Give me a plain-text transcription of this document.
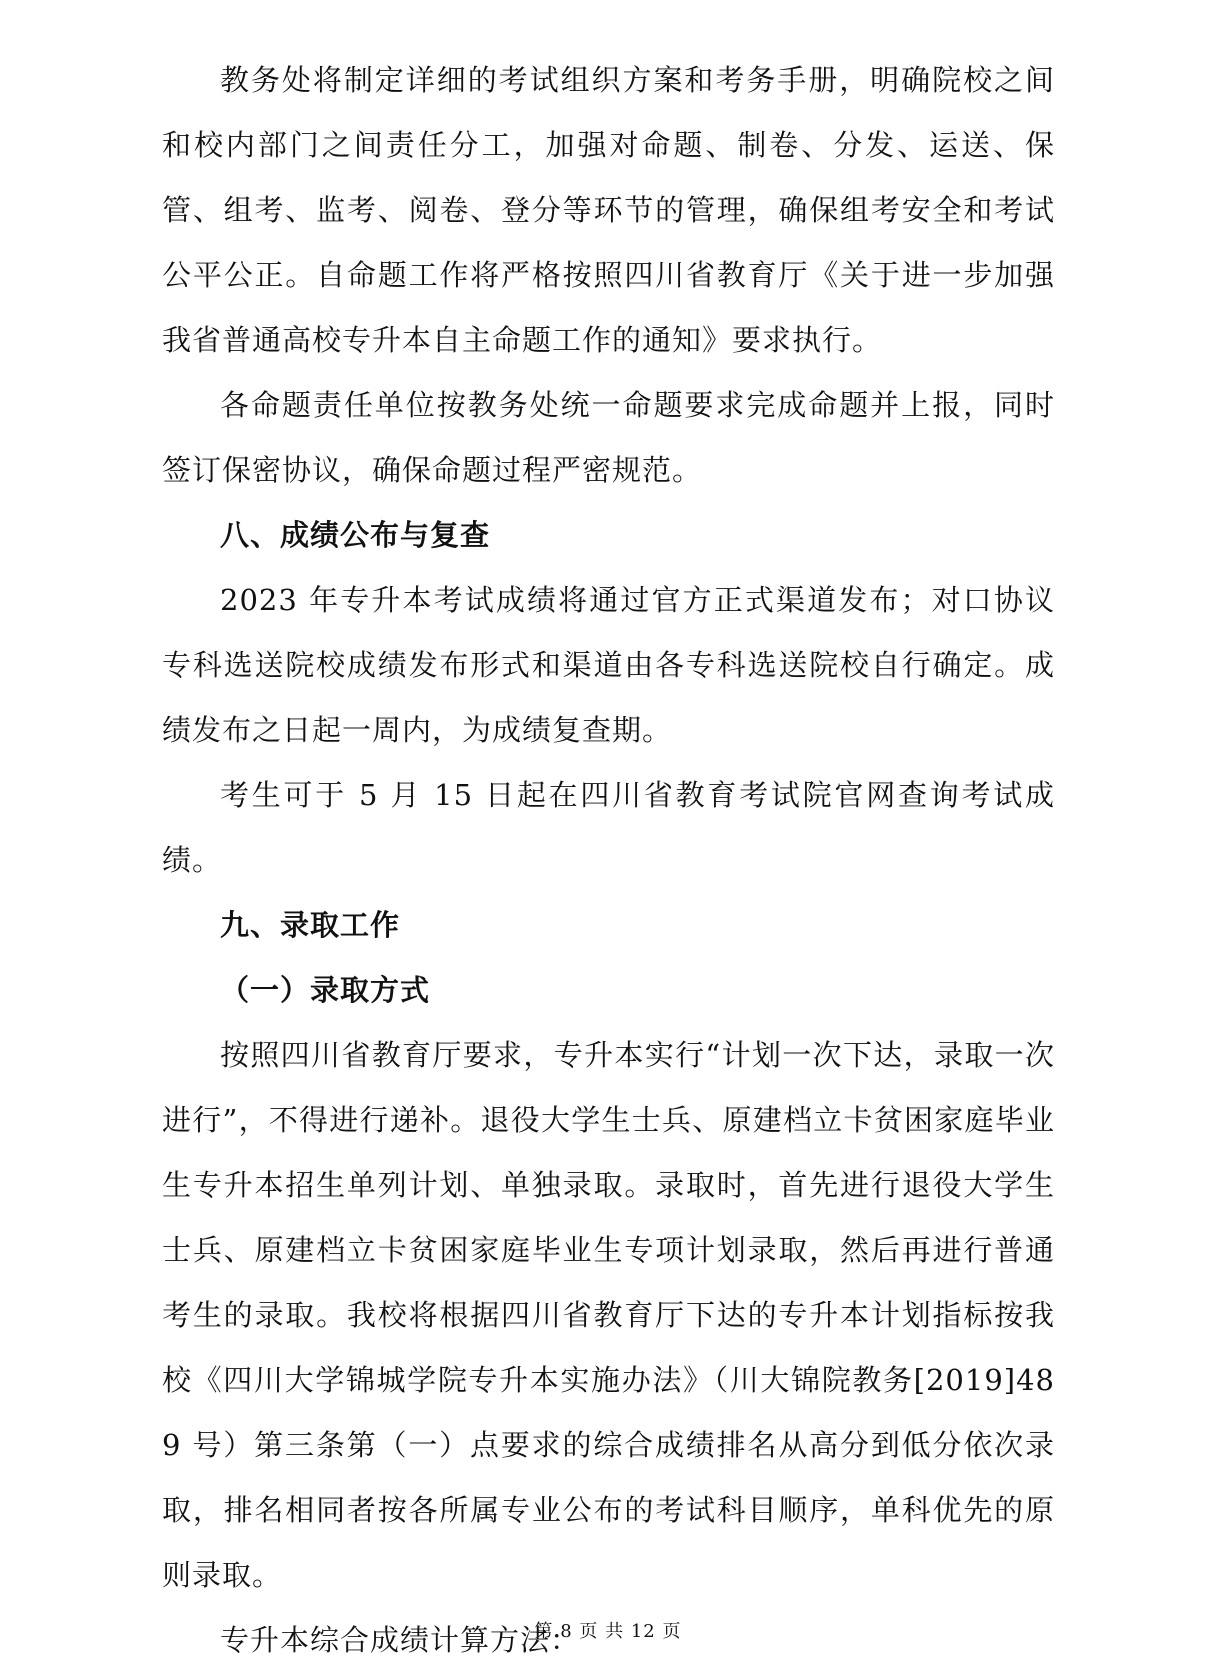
教务处将制定详细的考试组织方案和考务手册，明确院校之间和校内部门之间责任分工，加强对命题、制卷、分发、运送、保管、组考、监考、阅卷、登分等环节的管理，确保组考安全和考试公平公正。自命题工作将严格按照四川省教育厅《关于进一步加强我省普通高校专升本自主命题工作的通知》要求执行。

各命题责任单位按教务处统一命题要求完成命题并上报，同时签订保密协议，确保命题过程严密规范。

八、成绩公布与复查

2023 年专升本考试成绩将通过官方正式渠道发布；对口协议专科选送院校成绩发布形式和渠道由各专科选送院校自行确定。成绩发布之日起一周内，为成绩复查期。

考生可于 5 月 15 日起在四川省教育考试院官网查询考试成绩。

九、录取工作

（一）录取方式

按照四川省教育厅要求，专升本实行“计划一次下达，录取一次进行”，不得进行递补。退役大学生士兵、原建档立卡贫困家庭毕业生专升本招生单列计划、单独录取。录取时，首先进行退役大学生士兵、原建档立卡贫困家庭毕业生专项计划录取，然后再进行普通考生的录取。我校将根据四川省教育厅下达的专升本计划指标按我校《四川大学锦城学院专升本实施办法》（川大锦院教务[2019]489 号）第三条第（一）点要求的综合成绩排名从高分到低分依次录取，排名相同者按各所属专业公布的考试科目顺序，单科优先的原则录取。

专升本综合成绩计算方法：

第 8 页 共 12 页
